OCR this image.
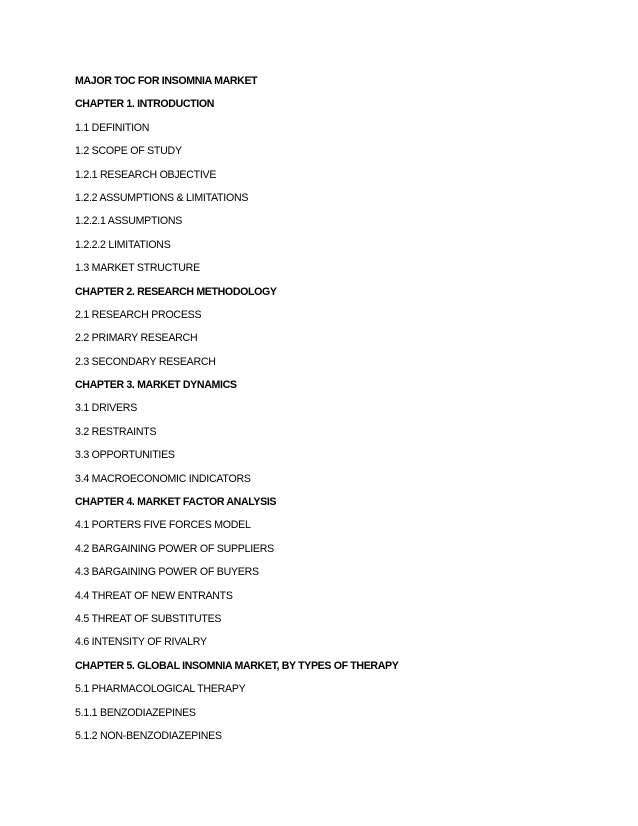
MAJOR TOC FOR INSOMNIA MARKET
CHAPTER 1. INTRODUCTION
1.1 DEFINITION
1.2 SCOPE OF STUDY
1.2.1 RESEARCH OBJECTIVE
1.2.2 ASSUMPTIONS & LIMITATIONS
1.2.2.1 ASSUMPTIONS
1.2.2.2 LIMITATIONS
1.3 MARKET STRUCTURE
CHAPTER 2. RESEARCH METHODOLOGY
2.1 RESEARCH PROCESS
2.2 PRIMARY RESEARCH
2.3 SECONDARY RESEARCH
CHAPTER 3. MARKET DYNAMICS
3.1 DRIVERS
3.2 RESTRAINTS
3.3 OPPORTUNITIES
3.4 MACROECONOMIC INDICATORS
CHAPTER 4. MARKET FACTOR ANALYSIS
4.1 PORTERS FIVE FORCES MODEL
4.2 BARGAINING POWER OF SUPPLIERS
4.3 BARGAINING POWER OF BUYERS
4.4 THREAT OF NEW ENTRANTS
4.5 THREAT OF SUBSTITUTES
4.6 INTENSITY OF RIVALRY
CHAPTER 5. GLOBAL INSOMNIA MARKET, BY TYPES OF THERAPY
5.1 PHARMACOLOGICAL THERAPY
5.1.1 BENZODIAZEPINES
5.1.2 NON-BENZODIAZEPINES
